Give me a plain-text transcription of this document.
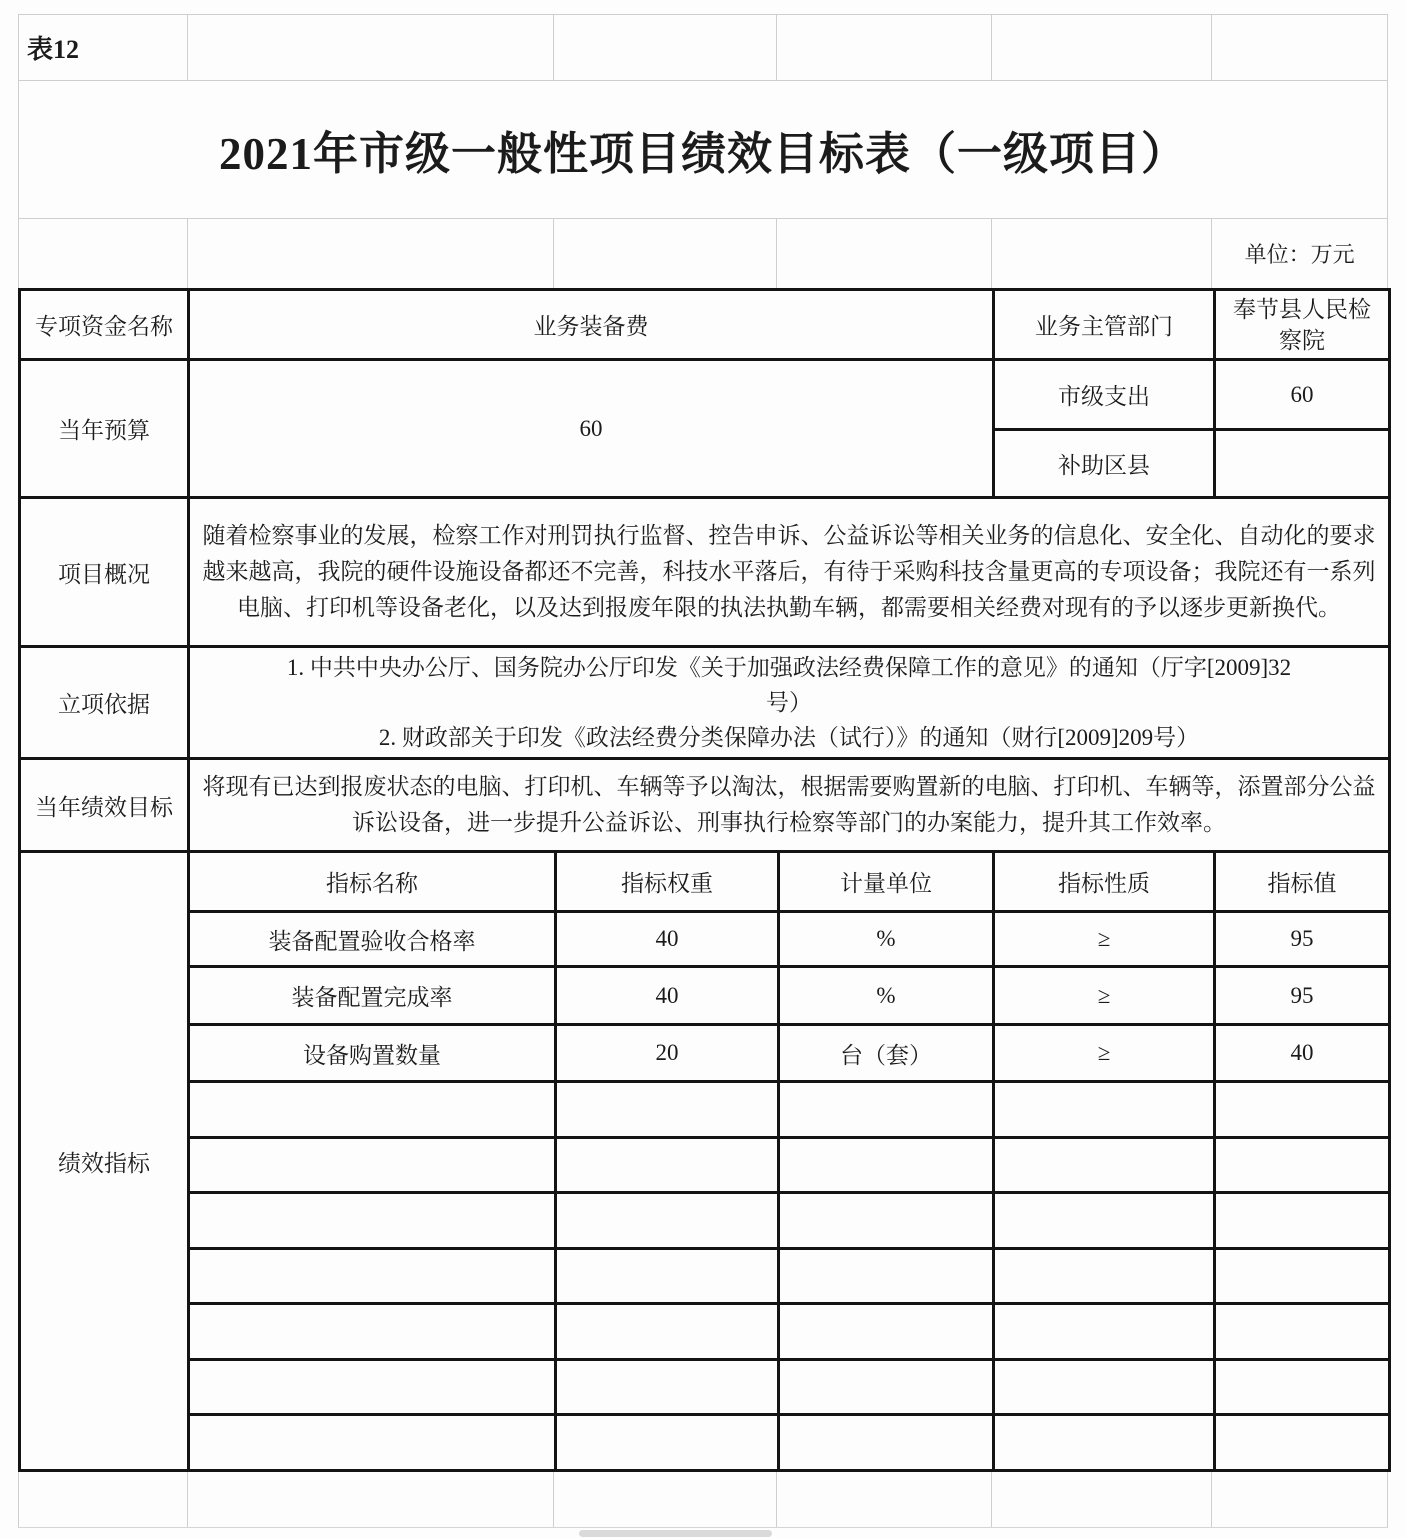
表12
2021年市级一般性项目绩效目标表（一级项目）
单位：万元
专项资金名称	业务装备费			业务主管部门	奉节县人民检察院
当年预算	60			市级支出	60
				补助区县	
项目概况	随着检察事业的发展，检察工作对刑罚执行监督、控告申诉、公益诉讼等相关业务的信息化、安全化、自动化的要求越来越高，我院的硬件设施设备都还不完善，科技水平落后，有待于采购科技含量更高的专项设备；我院还有一系列电脑、打印机等设备老化，以及达到报废年限的执法执勤车辆，都需要相关经费对现有的予以逐步更新换代。				
立项依据	1. 中共中央办公厅、国务院办公厅印发《关于加强政法经费保障工作的意见》的通知（厅字[2009]32号）
2. 财政部关于印发《政法经费分类保障办法（试行）》的通知（财行[2009]209号）				

当年绩效目标	将现有已达到报废状态的电脑、打印机、车辆等予以淘汰，根据需要购置新的电脑、打印机、车辆等，添置部分公益诉讼设备，进一步提升公益诉讼、刑事执行检察等部门的办案能力，提升其工作效率。				
绩效指标	指标名称	指标权重	计量单位	指标性质	指标值
	装备配置验收合格率	40	%	≥	95
	装备配置完成率	40	%	≥	95
	设备购置数量	20	台（套）	≥	40
